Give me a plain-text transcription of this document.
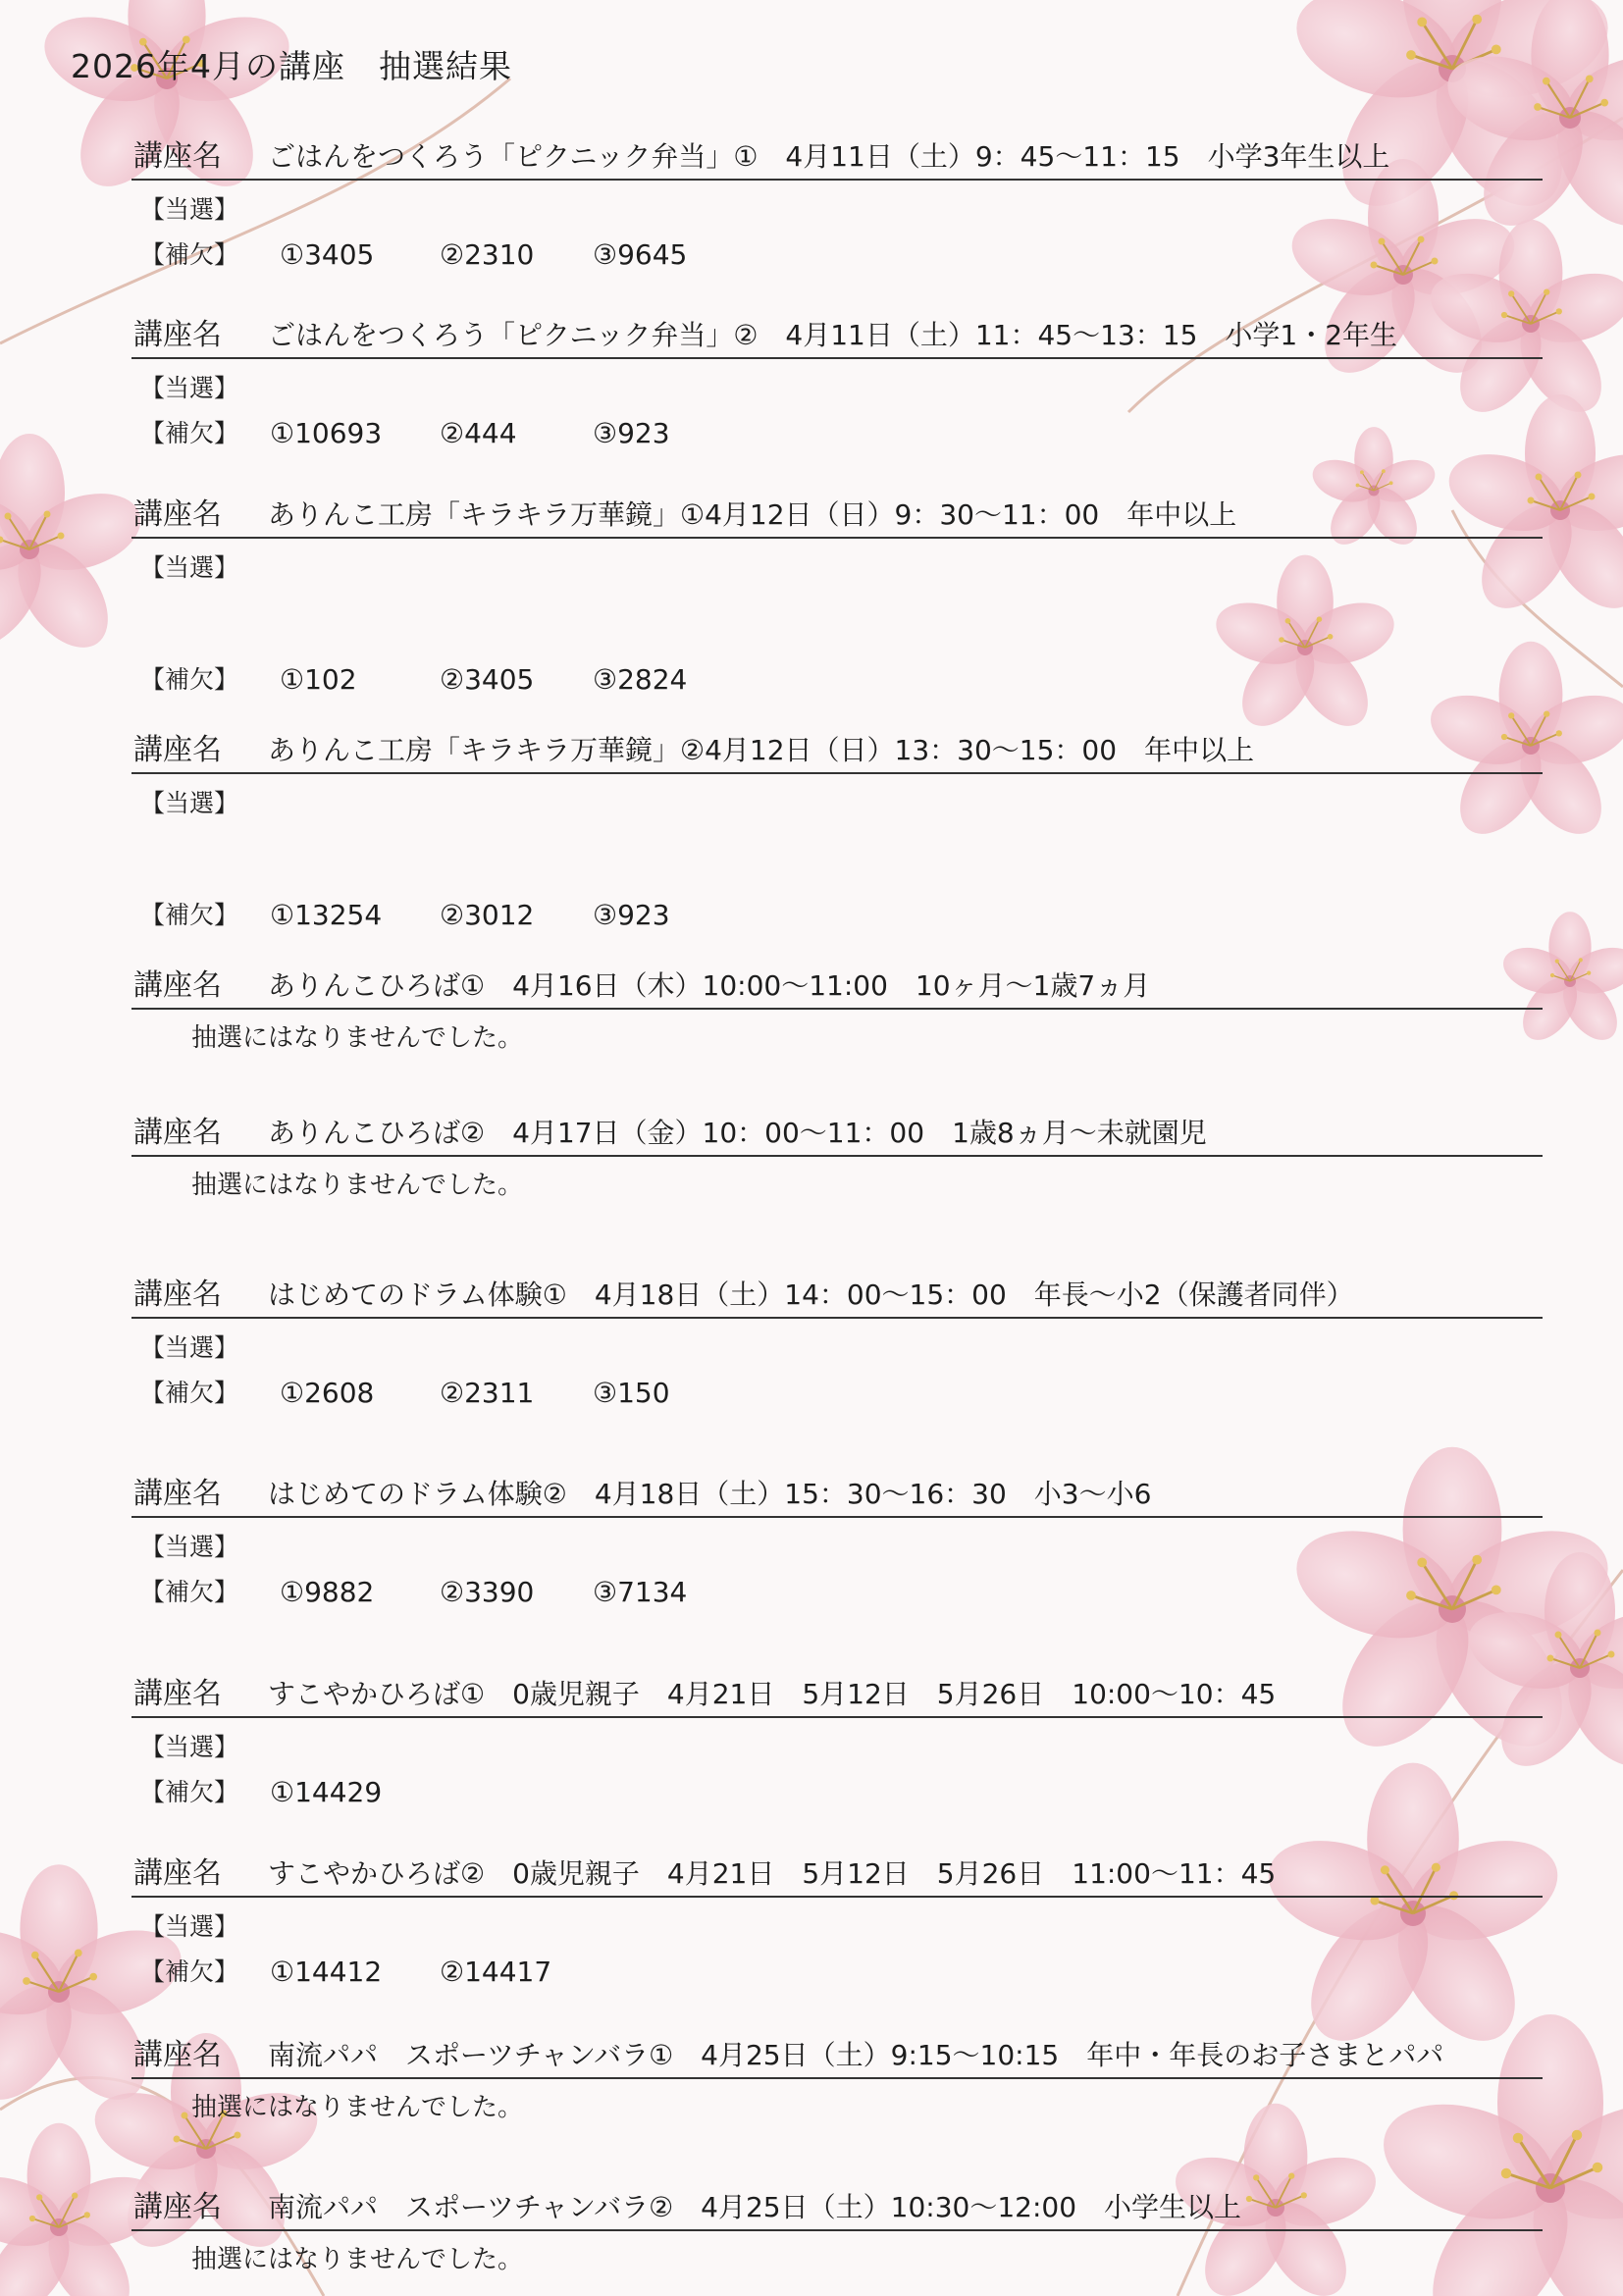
2026年4月の講座　抽選結果
講座名 ごはんをつくろう「ピクニック弁当」①　4月11日（土）9：45〜11：15　小学3年生以上
【当選】
【補欠】 ①3405 ②2310 ③9645
講座名 ごはんをつくろう「ピクニック弁当」②　4月11日（土）11：45〜13：15　小学1・2年生
【当選】
【補欠】 ①10693 ②444	③923
講座名 ありんこ工房「キラキラ万華鏡」①4月12日（日）9：30〜11：00　年中以上
【当選】
【補欠】 ①102	②3405 ③2824
講座名 ありんこ工房「キラキラ万華鏡」②4月12日（日）13：30〜15：00　年中以上
【当選】
【補欠】 ①13254 ②3012 ③923
講座名 ありんこひろば①　4月16日（木）10:00〜11:00　10ヶ月〜1歳7ヵ月
抽選にはなりませんでした。
講座名 ありんこひろば②　4月17日（金）10：00〜11：00　1歳8ヵ月〜未就園児
抽選にはなりませんでした。
講座名 はじめてのドラム体験①　4月18日（土）14：00〜15：00　年長〜小2（保護者同伴）
【当選】
【補欠】 ①2608 ②2311 ③150
講座名 はじめてのドラム体験②　4月18日（土）15：30〜16：30　小3〜小6
【当選】
【補欠】 ①9882 ②3390 ③7134
講座名 すこやかひろば①　0歳児親子　4月21日　5月12日　5月26日　10:00〜10：45
【当選】
【補欠】 ①14429
講座名 すこやかひろば②　0歳児親子　4月21日　5月12日　5月26日　11:00〜11：45
【当選】
【補欠】 ①14412 ②14417
講座名 南流パパ　スポーツチャンバラ①　4月25日（土）9:15〜10:15　年中・年長のお子さまとパパ
抽選にはなりませんでした。
講座名 南流パパ　スポーツチャンバラ②　4月25日（土）10:30〜12:00　小学生以上
抽選にはなりませんでした。
